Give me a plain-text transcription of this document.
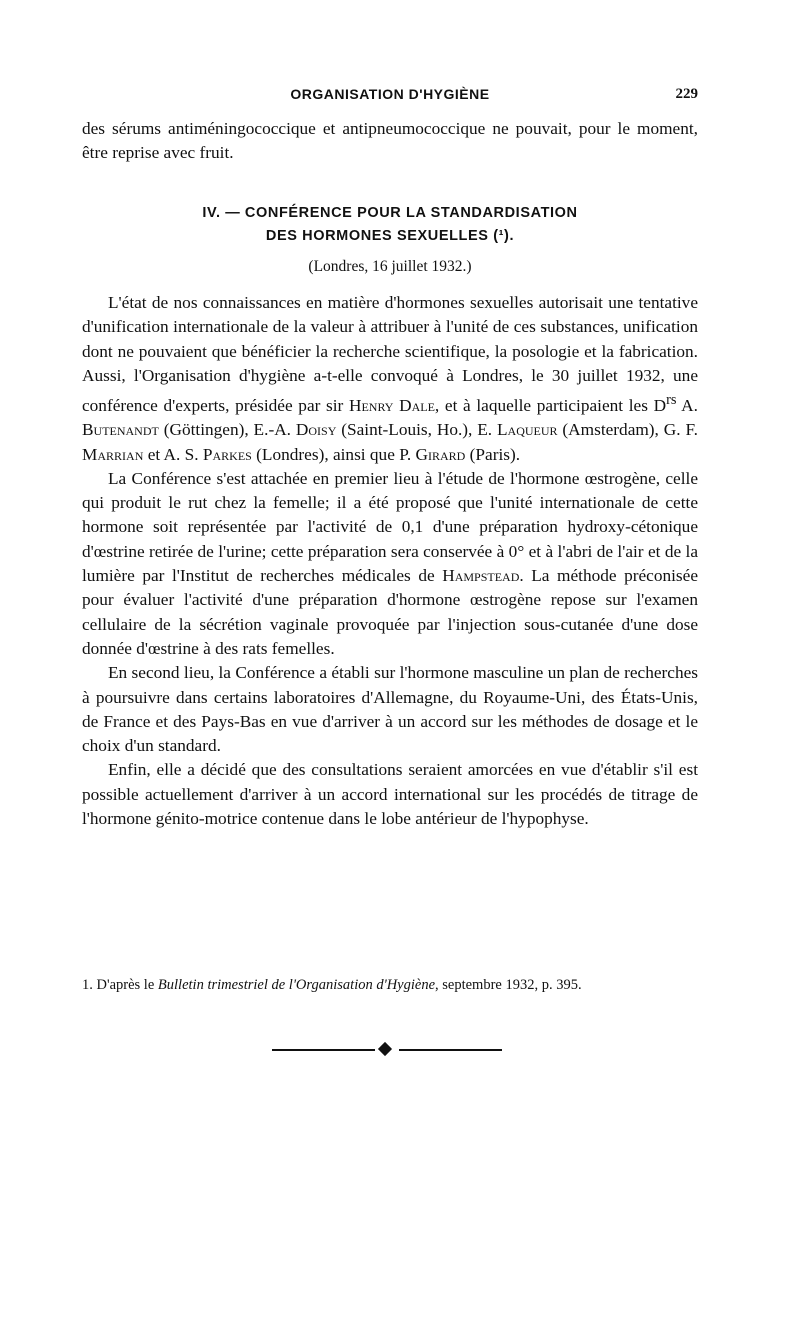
ORGANISATION D'HYGIÈNE	229

des sérums antiméningococcique et antipneumococcique ne pouvait, pour le moment, être reprise avec fruit.

IV. — CONFÉRENCE POUR LA STANDARDISATION
DES HORMONES SEXUELLES (¹).
(Londres, 16 juillet 1932.)

L'état de nos connaissances en matière d'hormones sexuelles autorisait une tentative d'unification internationale de la valeur à attribuer à l'unité de ces substances, unification dont ne pouvaient que bénéficier la recherche scientifique, la posologie et la fabrication. Aussi, l'Organisation d'hygiène a-t-elle convoqué à Londres, le 30 juillet 1932, une conférence d'experts, présidée par sir Henry Dale, et à laquelle participaient les $D^{rs}$ A. Butenandt (Göttingen), E.-A. Doisy (Saint-Louis, Ho.), E. Laqueur (Amsterdam), G. F. Marrian et A. S. Parkes (Londres), ainsi que P. Girard (Paris).

La Conférence s'est attachée en premier lieu à l'étude de l'hormone œstrogène, celle qui produit le rut chez la femelle; il a été proposé que l'unité internationale de cette hormone soit représentée par l'activité de 0,1 d'une préparation hydroxy-cétonique d'œstrine retirée de l'urine; cette préparation sera conservée à 0° et à l'abri de l'air et de la lumière par l'Institut de recherches médicales de Hampstead. La méthode préconisée pour évaluer l'activité d'une préparation d'hormone œstrogène repose sur l'examen cellulaire de la sécrétion vaginale provoquée par l'injection sous-cutanée d'une dose donnée d'œstrine à des rats femelles.

En second lieu, la Conférence a établi sur l'hormone masculine un plan de recherches à poursuivre dans certains laboratoires d'Allemagne, du Royaume-Uni, des États-Unis, de France et des Pays-Bas en vue d'arriver à un accord sur les méthodes de dosage et le choix d'un standard.

Enfin, elle a décidé que des consultations seraient amorcées en vue d'établir s'il est possible actuellement d'arriver à un accord international sur les procédés de titrage de l'hormone génito-motrice contenue dans le lobe antérieur de l'hypophyse.

1. D'après le Bulletin trimestriel de l'Organisation d'Hygiène, septembre 1932, p. 395.
